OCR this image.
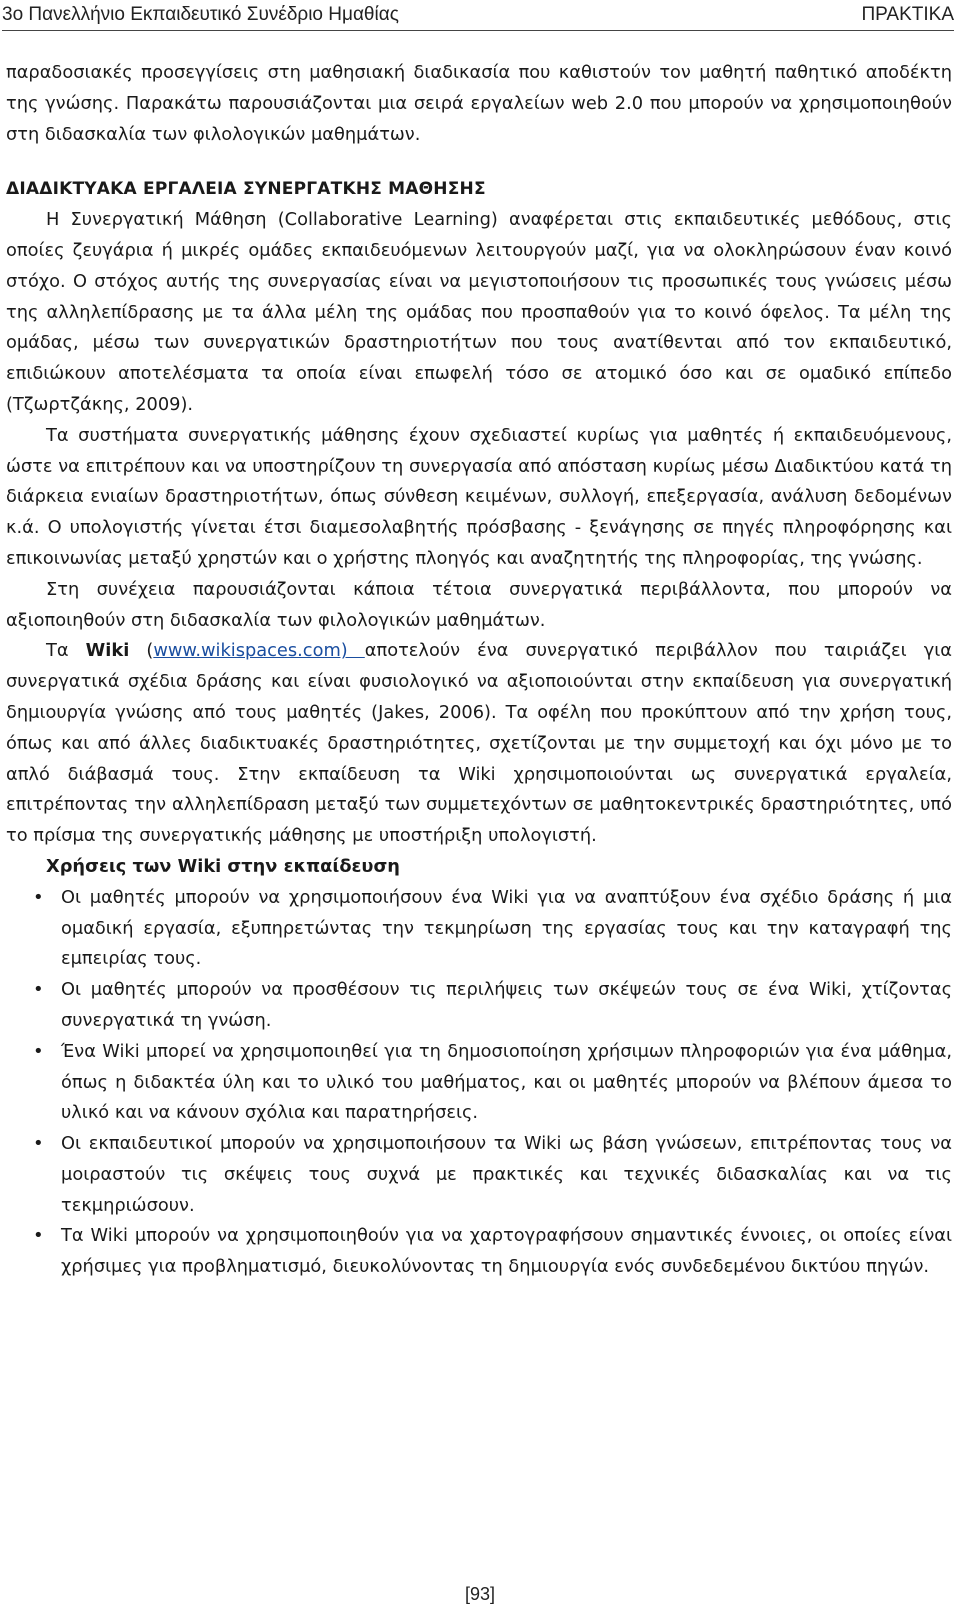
3ο Πανελλήνιο Εκπαιδευτικό Συνέδριο Ημαθίας	ΠΡΑΚΤΙΚΑ

παραδοσιακές προσεγγίσεις στη μαθησιακή διαδικασία που καθιστούν τον μαθητή παθητικό αποδέκτη της γνώσης. Παρακάτω παρουσιάζονται μια σειρά εργαλείων web 2.0 που μπορούν να χρησιμοποιηθούν στη διδασκαλία των φιλολογικών μαθημάτων.

ΔΙΑΔΙΚΤΥΑΚΑ ΕΡΓΑΛΕΙΑ ΣΥΝΕΡΓΑΤΚΗΣ ΜΑΘΗΣΗΣ

Η Συνεργατική Μάθηση (Collaborative Learning) αναφέρεται στις εκπαιδευτικές μεθόδους, στις οποίες ζευγάρια ή μικρές ομάδες εκπαιδευόμενων λειτουργούν μαζί, για να ολοκληρώσουν έναν κοινό στόχο. Ο στόχος αυτής της συνεργασίας είναι να μεγιστοποιήσουν τις προσωπικές τους γνώσεις μέσω της αλληλεπίδρασης με τα άλλα μέλη της ομάδας που προσπαθούν για το κοινό όφελος. Τα μέλη της ομάδας, μέσω των συνεργατικών δραστηριοτήτων που τους ανατίθενται από τον εκπαιδευτικό, επιδιώκουν αποτελέσματα τα οποία είναι επωφελή τόσο σε ατομικό όσο και σε ομαδικό επίπεδο (Τζωρτζάκης, 2009).

Τα συστήματα συνεργατικής μάθησης έχουν σχεδιαστεί κυρίως για μαθητές ή εκπαιδευόμενους, ώστε να επιτρέπουν και να υποστηρίζουν τη συνεργασία από απόσταση κυρίως μέσω Διαδικτύου κατά τη διάρκεια ενιαίων δραστηριοτήτων, όπως σύνθεση κειμένων, συλλογή, επεξεργασία, ανάλυση δεδομένων κ.ά. Ο υπολογιστής γίνεται έτσι διαμεσολαβητής πρόσβασης - ξενάγησης σε πηγές πληροφόρησης και επικοινωνίας μεταξύ χρηστών και ο χρήστης πλοηγός και αναζητητής της πληροφορίας, της γνώσης.

Στη συνέχεια παρουσιάζονται κάποια τέτοια συνεργατικά περιβάλλοντα, που μπορούν να αξιοποιηθούν στη διδασκαλία των φιλολογικών μαθημάτων.

Τα Wiki (www.wikispaces.com) αποτελούν ένα συνεργατικό περιβάλλον που ταιριάζει για συνεργατικά σχέδια δράσης και είναι φυσιολογικό να αξιοποιούνται στην εκπαίδευση για συνεργατική δημιουργία γνώσης από τους μαθητές (Jakes, 2006). Τα οφέλη που προκύπτουν από την χρήση τους, όπως και από άλλες διαδικτυακές δραστηριότητες, σχετίζονται με την συμμετοχή και όχι μόνο με το απλό διάβασμά τους. Στην εκπαίδευση τα Wiki χρησιμοποιούνται ως συνεργατικά εργαλεία, επιτρέποντας την αλληλεπίδραση μεταξύ των συμμετεχόντων σε μαθητοκεντρικές δραστηριότητες, υπό το πρίσμα της συνεργατικής μάθησης με υποστήριξη υπολογιστή.

Χρήσεις των Wiki στην εκπαίδευση

• Οι μαθητές μπορούν να χρησιμοποιήσουν ένα Wiki για να αναπτύξουν ένα σχέδιο δράσης ή μια ομαδική εργασία, εξυπηρετώντας την τεκμηρίωση της εργασίας τους και την καταγραφή της εμπειρίας τους.
• Οι μαθητές μπορούν να προσθέσουν τις περιλήψεις των σκέψεών τους σε ένα Wiki, χτίζοντας συνεργατικά τη γνώση.
• Ένα Wiki μπορεί να χρησιμοποιηθεί για τη δημοσιοποίηση χρήσιμων πληροφοριών για ένα μάθημα, όπως η διδακτέα ύλη και το υλικό του μαθήματος, και οι μαθητές μπορούν να βλέπουν άμεσα το υλικό και να κάνουν σχόλια και παρατηρήσεις.
• Οι εκπαιδευτικοί μπορούν να χρησιμοποιήσουν τα Wiki ως βάση γνώσεων, επιτρέποντας τους να μοιραστούν τις σκέψεις τους συχνά με πρακτικές και τεχνικές διδασκαλίας και να τις τεκμηριώσουν.
• Τα Wiki μπορούν να χρησιμοποιηθούν για να χαρτογραφήσουν σημαντικές έννοιες, οι οποίες είναι χρήσιμες για προβληματισμό, διευκολύνοντας τη δημιουργία ενός συνδεδεμένου δικτύου πηγών.
[93]
